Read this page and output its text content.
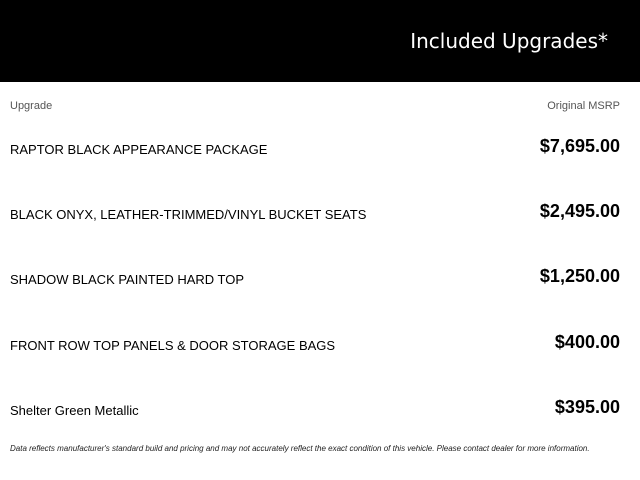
Included Upgrades*
Upgrade	Original MSRP
RAPTOR BLACK APPEARANCE PACKAGE	$7,695.00
BLACK ONYX, LEATHER-TRIMMED/VINYL BUCKET SEATS	$2,495.00
SHADOW BLACK PAINTED HARD TOP	$1,250.00
FRONT ROW TOP PANELS & DOOR STORAGE BAGS	$400.00
Shelter Green Metallic	$395.00
Data reflects manufacturer's standard build and pricing and may not accurately reflect the exact condition of this vehicle. Please contact dealer for more information.
